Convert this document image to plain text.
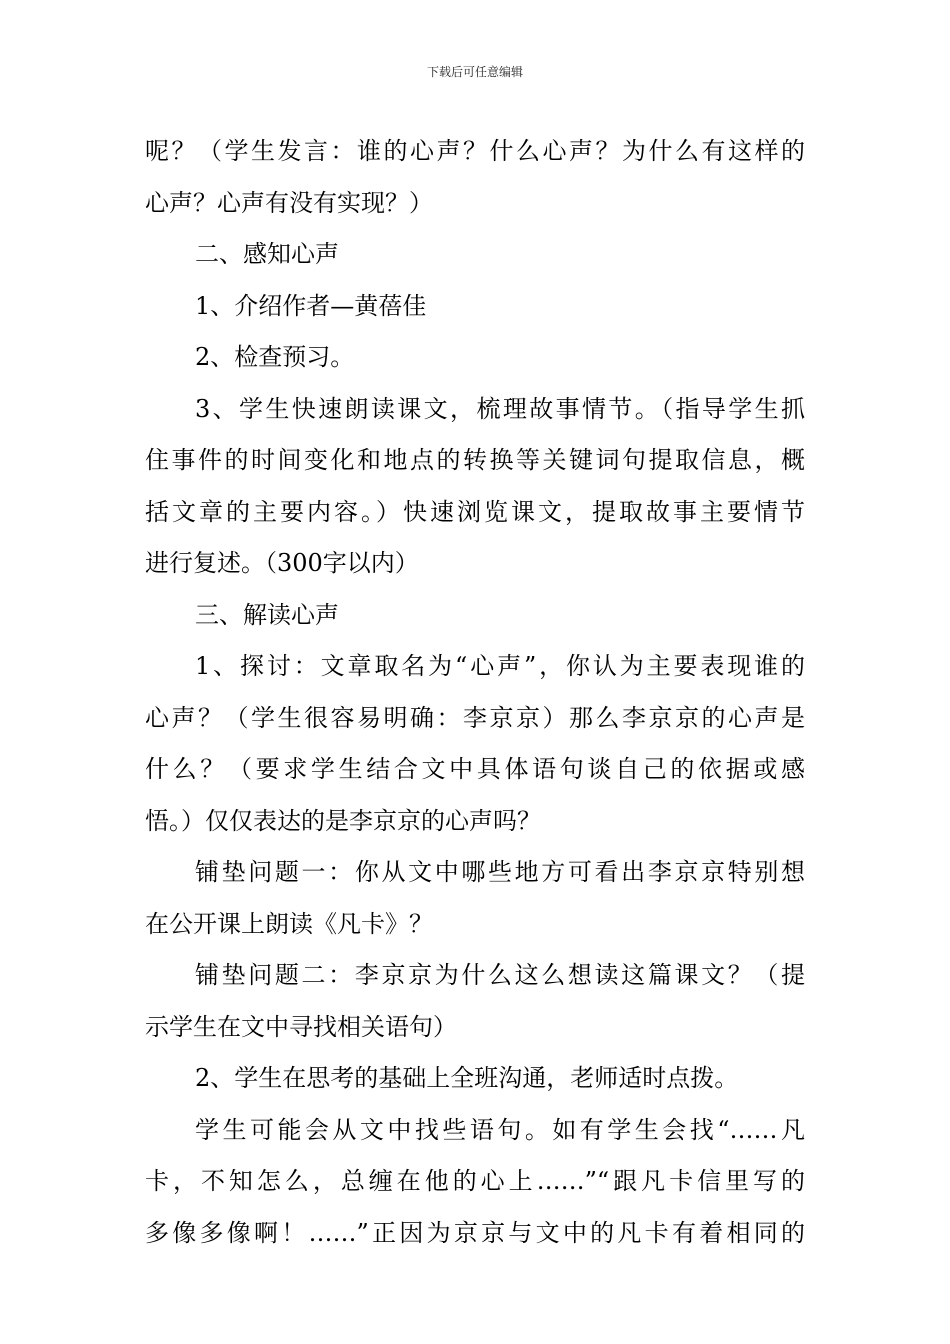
下载后可任意编辑
呢？（学生发言：谁的心声？什么心声？为什么有这样的
心声？心声有没有实现？）
二、感知心声
1、介绍作者—黄蓓佳
2、检查预习。
3、学生快速朗读课文，梳理故事情节。（指导学生抓
住事件的时间变化和地点的转换等关键词句提取信息，概
括文章的主要内容。）快速浏览课文，提取故事主要情节
进行复述。（300字以内）
三、解读心声
1、探讨：文章取名为“心声”，你认为主要表现谁的
心声？（学生很容易明确：李京京）那么李京京的心声是
什么？（要求学生结合文中具体语句谈自己的依据或感
悟。）仅仅表达的是李京京的心声吗？
铺垫问题一：你从文中哪些地方可看出李京京特别想
在公开课上朗读《凡卡》？
铺垫问题二：李京京为什么这么想读这篇课文？（提
示学生在文中寻找相关语句）
2、学生在思考的基础上全班沟通，老师适时点拨。
学生可能会从文中找些语句。如有学生会找“……凡
卡，不知怎么，总缠在他的心上……”“跟凡卡信里写的
多像多像啊！……”正因为京京与文中的凡卡有着相同的
